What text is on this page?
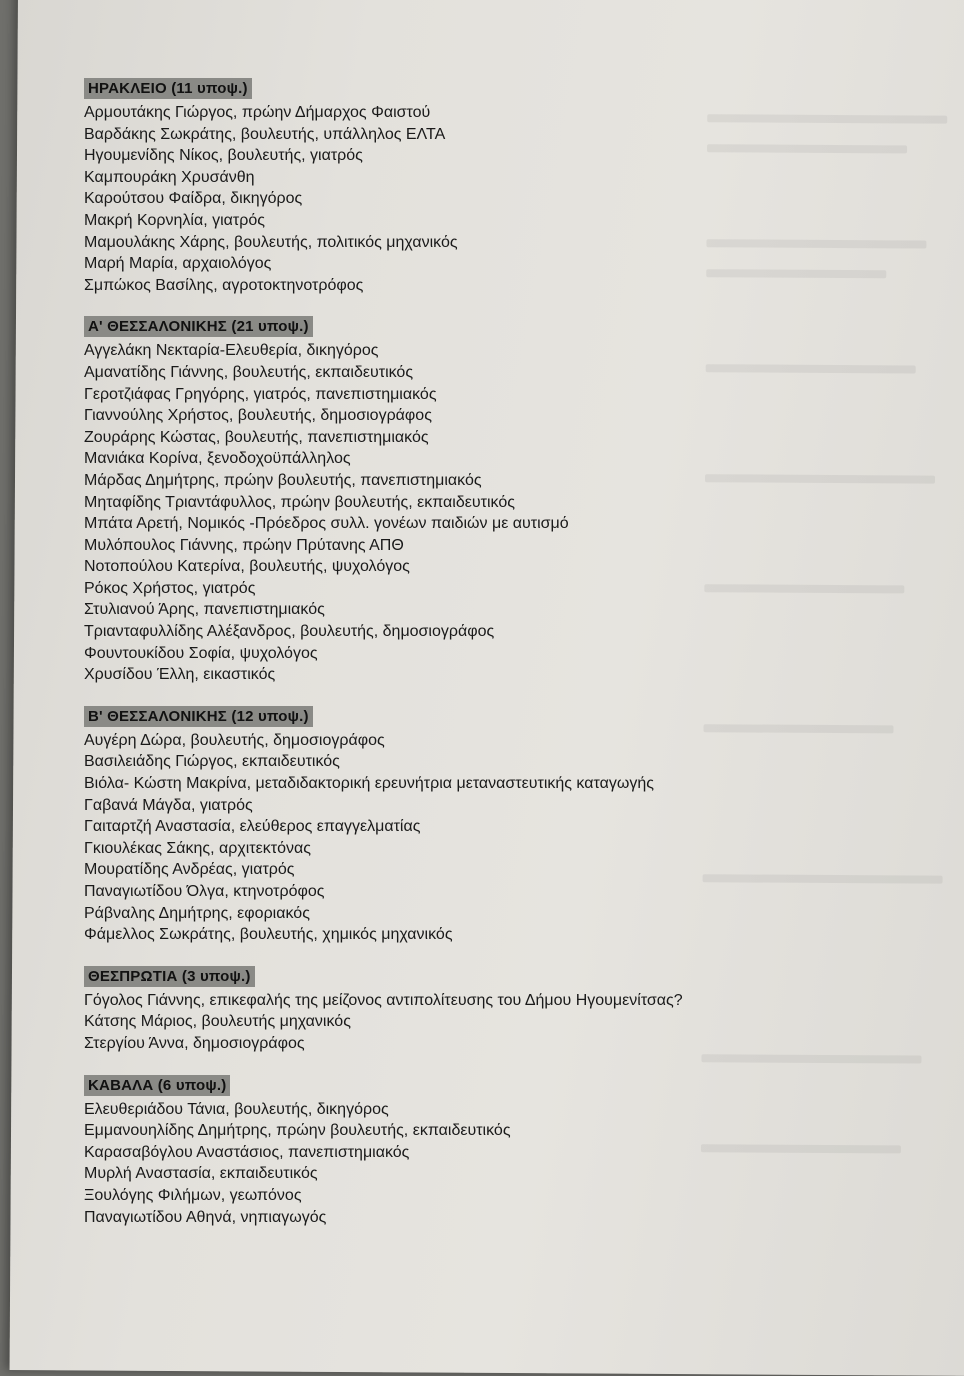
ΗΡΑΚΛΕΙΟ (11 υποψ.)
Αρμουτάκης Γιώργος, πρώην Δήμαρχος Φαιστού
Βαρδάκης Σωκράτης, βουλευτής, υπάλληλος ΕΛΤΑ
Ηγουμενίδης Νίκος, βουλευτής, γιατρός
Καμπουράκη Χρυσάνθη
Καρούτσου Φαίδρα, δικηγόρος
Μακρή Κορνηλία, γιατρός
Μαμουλάκης Χάρης, βουλευτής, πολιτικός μηχανικός
Μαρή Μαρία, αρχαιολόγος
Σμπώκος Βασίλης, αγροτοκτηνοτρόφος
Α' ΘΕΣΣΑΛΟΝΙΚΗΣ (21 υποψ.)
Αγγελάκη Νεκταρία-Ελευθερία, δικηγόρος
Αμανατίδης Γιάννης, βουλευτής, εκπαιδευτικός
Γεροτζιάφας Γρηγόρης, γιατρός, πανεπιστημιακός
Γιαννούλης Χρήστος, βουλευτής, δημοσιογράφος
Ζουράρης Κώστας, βουλευτής, πανεπιστημιακός
Μανιάκα Κορίνα, ξενοδοχοϋπάλληλος
Μάρδας Δημήτρης, πρώην βουλευτής, πανεπιστημιακός
Μηταφίδης Τριαντάφυλλος, πρώην βουλευτής, εκπαιδευτικός
Μπάτα Αρετή, Νομικός -Πρόεδρος συλλ. γονέων παιδιών με αυτισμό
Μυλόπουλος Γιάννης, πρώην Πρύτανης ΑΠΘ
Νοτοπούλου Κατερίνα, βουλευτής, ψυχολόγος
Ρόκος Χρήστος, γιατρός
Στυλιανού Άρης, πανεπιστημιακός
Τριανταφυλλίδης Αλέξανδρος, βουλευτής, δημοσιογράφος
Φουντουκίδου Σοφία, ψυχολόγος
Χρυσίδου Έλλη, εικαστικός
Β' ΘΕΣΣΑΛΟΝΙΚΗΣ (12 υποψ.)
Αυγέρη Δώρα, βουλευτής, δημοσιογράφος
Βασιλειάδης Γιώργος, εκπαιδευτικός
Βιόλα- Κώστη Μακρίνα, μεταδιδακτορική ερευνήτρια μεταναστευτικής καταγωγής
Γαβανά Μάγδα, γιατρός
Γαιταρτζή Αναστασία, ελεύθερος επαγγελματίας
Γκιουλέκας Σάκης, αρχιτεκτόνας
Μουρατίδης Ανδρέας, γιατρός
Παναγιωτίδου Όλγα, κτηνοτρόφος
Ράβναλης Δημήτρης, εφοριακός
Φάμελλος Σωκράτης, βουλευτής, χημικός μηχανικός
ΘΕΣΠΡΩΤΙΑ (3 υποψ.)
Γόγολος Γιάννης, επικεφαλής της μείζονος αντιπολίτευσης του Δήμου Ηγουμενίτσας?
Κάτσης Μάριος, βουλευτής μηχανικός
Στεργίου Άννα, δημοσιογράφος
ΚΑΒΑΛΑ (6 υποψ.)
Ελευθεριάδου Τάνια, βουλευτής, δικηγόρος
Εμμανουηλίδης Δημήτρης, πρώην βουλευτής, εκπαιδευτικός
Καρασαβόγλου Αναστάσιος, πανεπιστημιακός
Μυρλή Αναστασία, εκπαιδευτικός
Ξουλόγης Φιλήμων, γεωπόνος
Παναγιωτίδου Αθηνά, νηπιαγωγός
